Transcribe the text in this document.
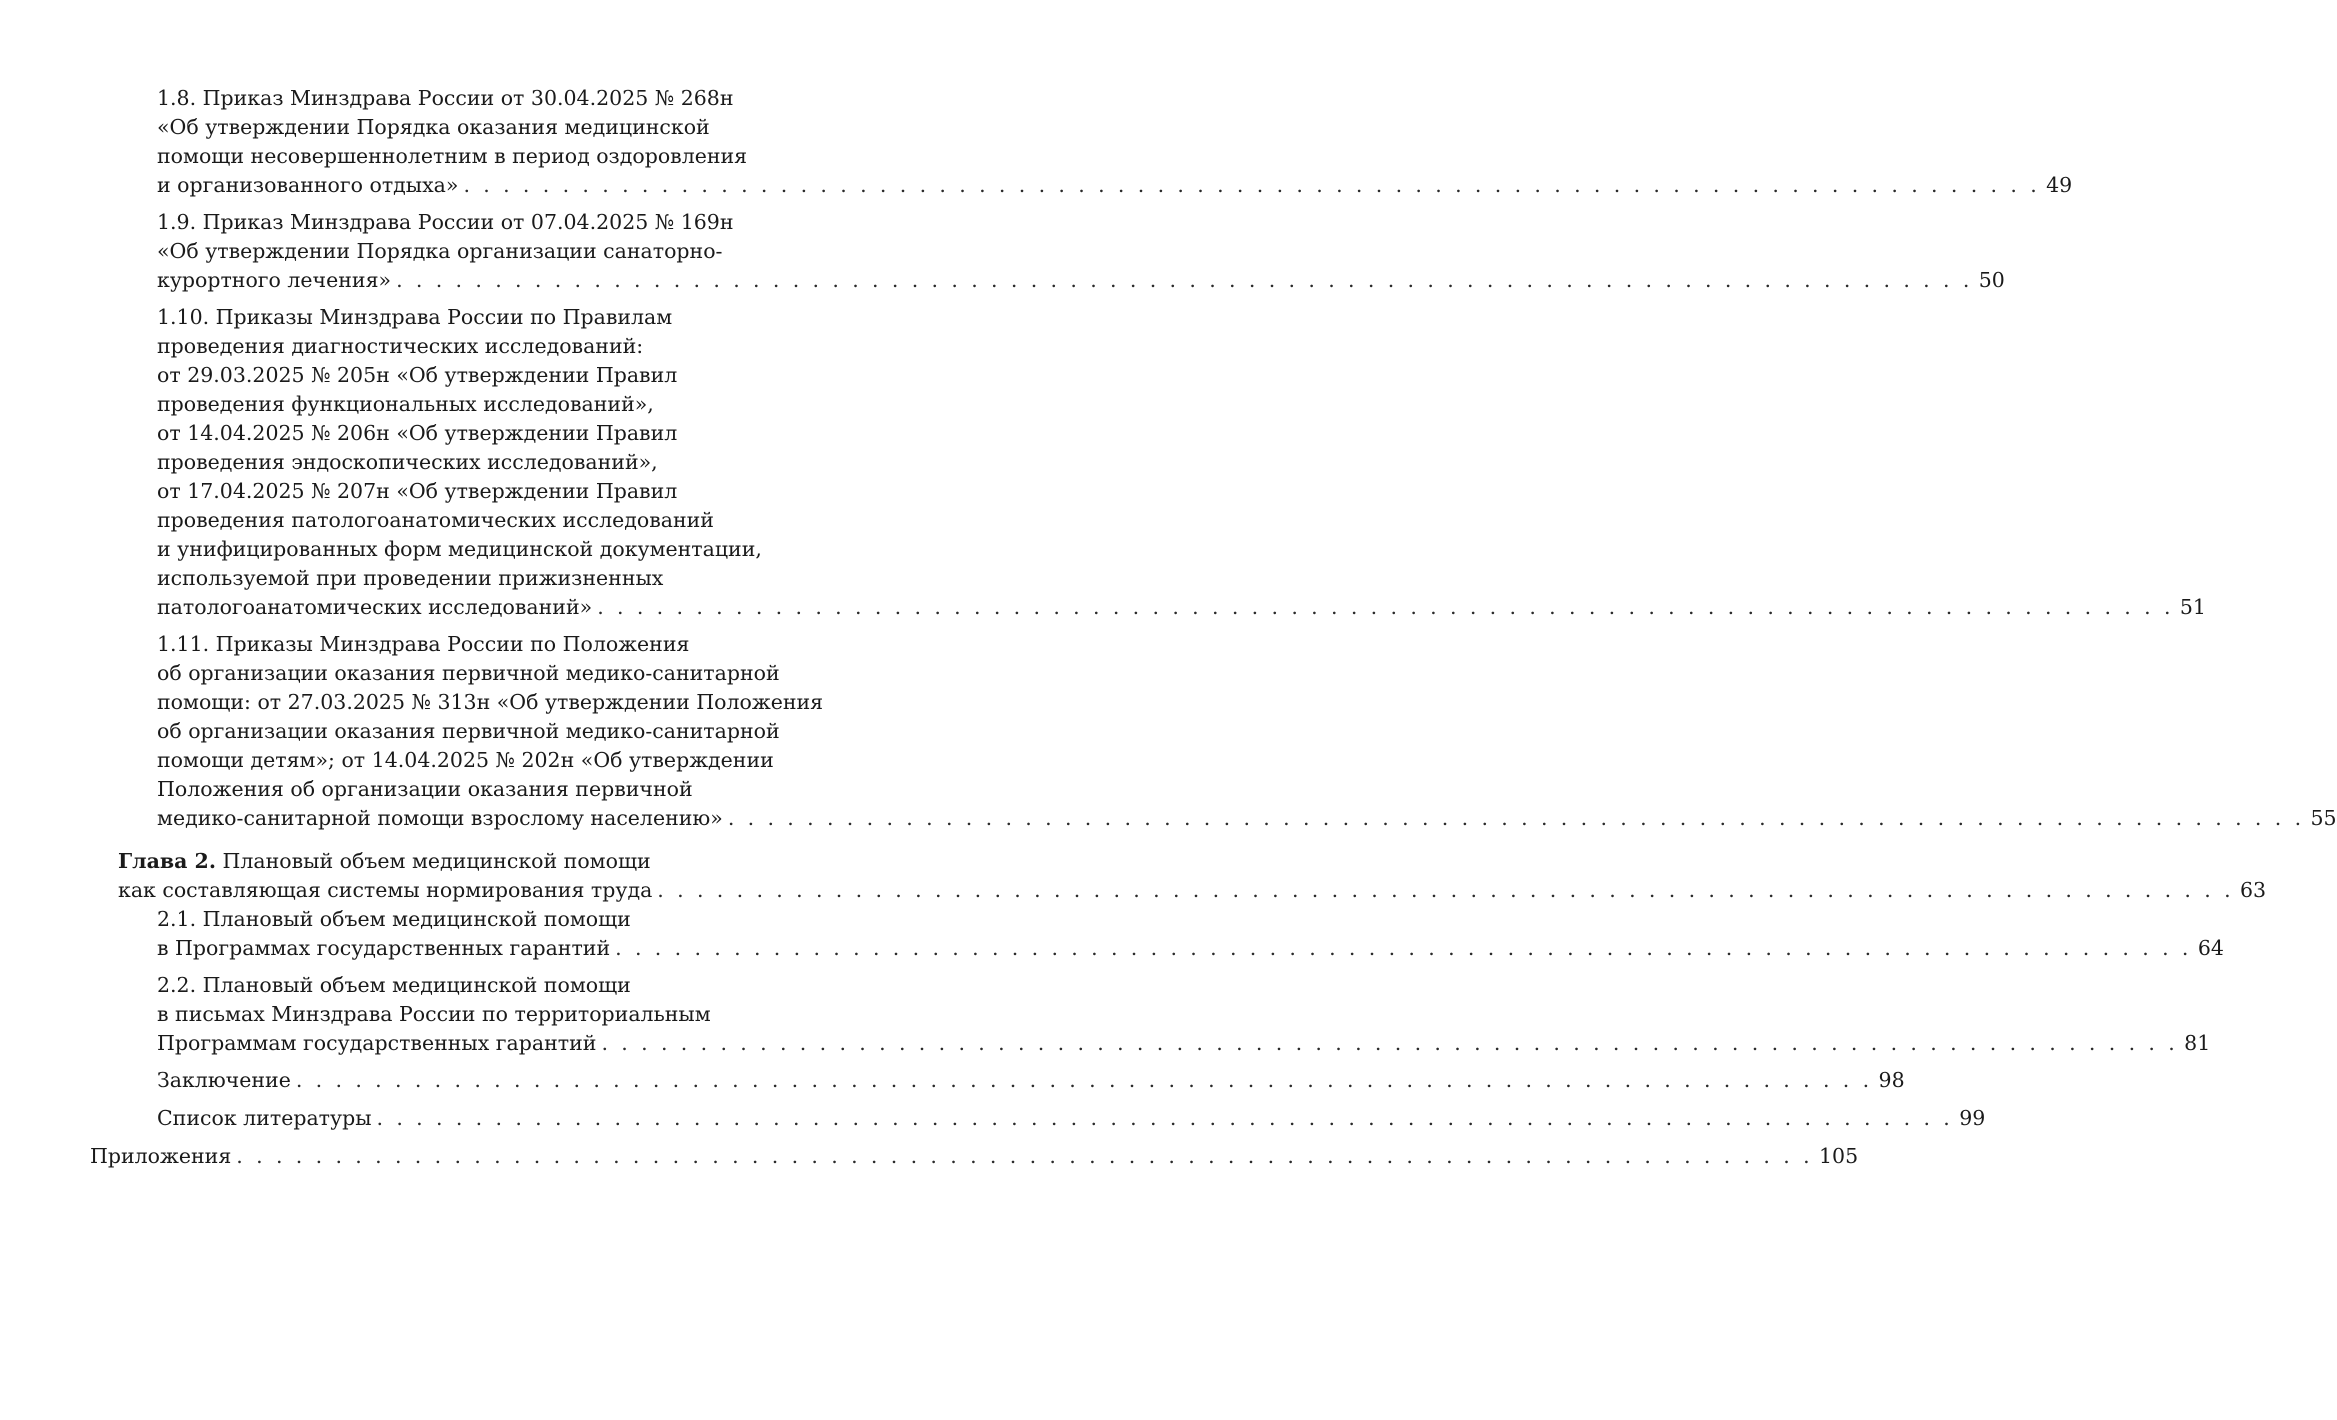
1.8. Приказ Минздрава России от 30.04.2025 № 268н
«Об утверждении Порядка оказания медицинской
помощи несовершеннолетним в период оздоровления
и организованного отдыха» . . . . . . . . . . . . . . . . . . . . . . . . . . . . . . . . . . . . . . . . . . . . . . . . . . . . . . . . . . . . . . . . . . . . . . . . . . . . . . . . 49
1.9. Приказ Минздрава России от 07.04.2025 № 169н
«Об утверждении Порядка организации санаторно-
курортного лечения» . . . . . . . . . . . . . . . . . . . . . . . . . . . . . . . . . . . . . . . . . . . . . . . . . . . . . . . . . . . . . . . . . . . . . . . . . . . . . . . . 50
1.10. Приказы Минздрава России по Правилам
проведения диагностических исследований:
от 29.03.2025 № 205н «Об утверждении Правил
проведения функциональных исследований»,
от 14.04.2025 № 206н «Об утверждении Правил
проведения эндоскопических исследований»,
от 17.04.2025 № 207н «Об утверждении Правил
проведения патологоанатомических исследований
и унифицированных форм медицинской документации,
используемой при проведении прижизненных
патологоанатомических исследований» . . . . . . . . . . . . . . . . . . . . . . . . . . . . . . . . . . . . . . . . . . . . . . . . . . . . . . . . . . . . . . . . . . . . . . . . . . . . . . . . 51
1.11. Приказы Минздрава России по Положения
об организации оказания первичной медико-санитарной
помощи: от 27.03.2025 № 313н «Об утверждении Положения
об организации оказания первичной медико-санитарной
помощи детям»; от 14.04.2025 № 202н «Об утверждении
Положения об организации оказания первичной
медико-санитарной помощи взрослому населению» . . . . . . . . . . . . . . . . . . . . . . . . . . . . . . . . . . . . . . . . . . . . . . . . . . . . . . . . . . . . . . . . . . . . . . . . . . . . . . . . 55
Глава 2. Плановый объем медицинской помощи
как составляющая системы нормирования труда . . . . . . . . . . . . . . . . . . . . . . . . . . . . . . . . . . . . . . . . . . . . . . . . . . . . . . . . . . . . . . . . . . . . . . . . . . . . . . . . 63
2.1. Плановый объем медицинской помощи
в Программах государственных гарантий . . . . . . . . . . . . . . . . . . . . . . . . . . . . . . . . . . . . . . . . . . . . . . . . . . . . . . . . . . . . . . . . . . . . . . . . . . . . . . . . 64
2.2. Плановый объем медицинской помощи
в письмах Минздрава России по территориальным
Программам государственных гарантий . . . . . . . . . . . . . . . . . . . . . . . . . . . . . . . . . . . . . . . . . . . . . . . . . . . . . . . . . . . . . . . . . . . . . . . . . . . . . . . . 81
Заключение . . . . . . . . . . . . . . . . . . . . . . . . . . . . . . . . . . . . . . . . . . . . . . . . . . . . . . . . . . . . . . . . . . . . . . . . . . . . . . . . 98
Список литературы . . . . . . . . . . . . . . . . . . . . . . . . . . . . . . . . . . . . . . . . . . . . . . . . . . . . . . . . . . . . . . . . . . . . . . . . . . . . . . . . 99
Приложения . . . . . . . . . . . . . . . . . . . . . . . . . . . . . . . . . . . . . . . . . . . . . . . . . . . . . . . . . . . . . . . . . . . . . . . . . . . . . . . . 105
